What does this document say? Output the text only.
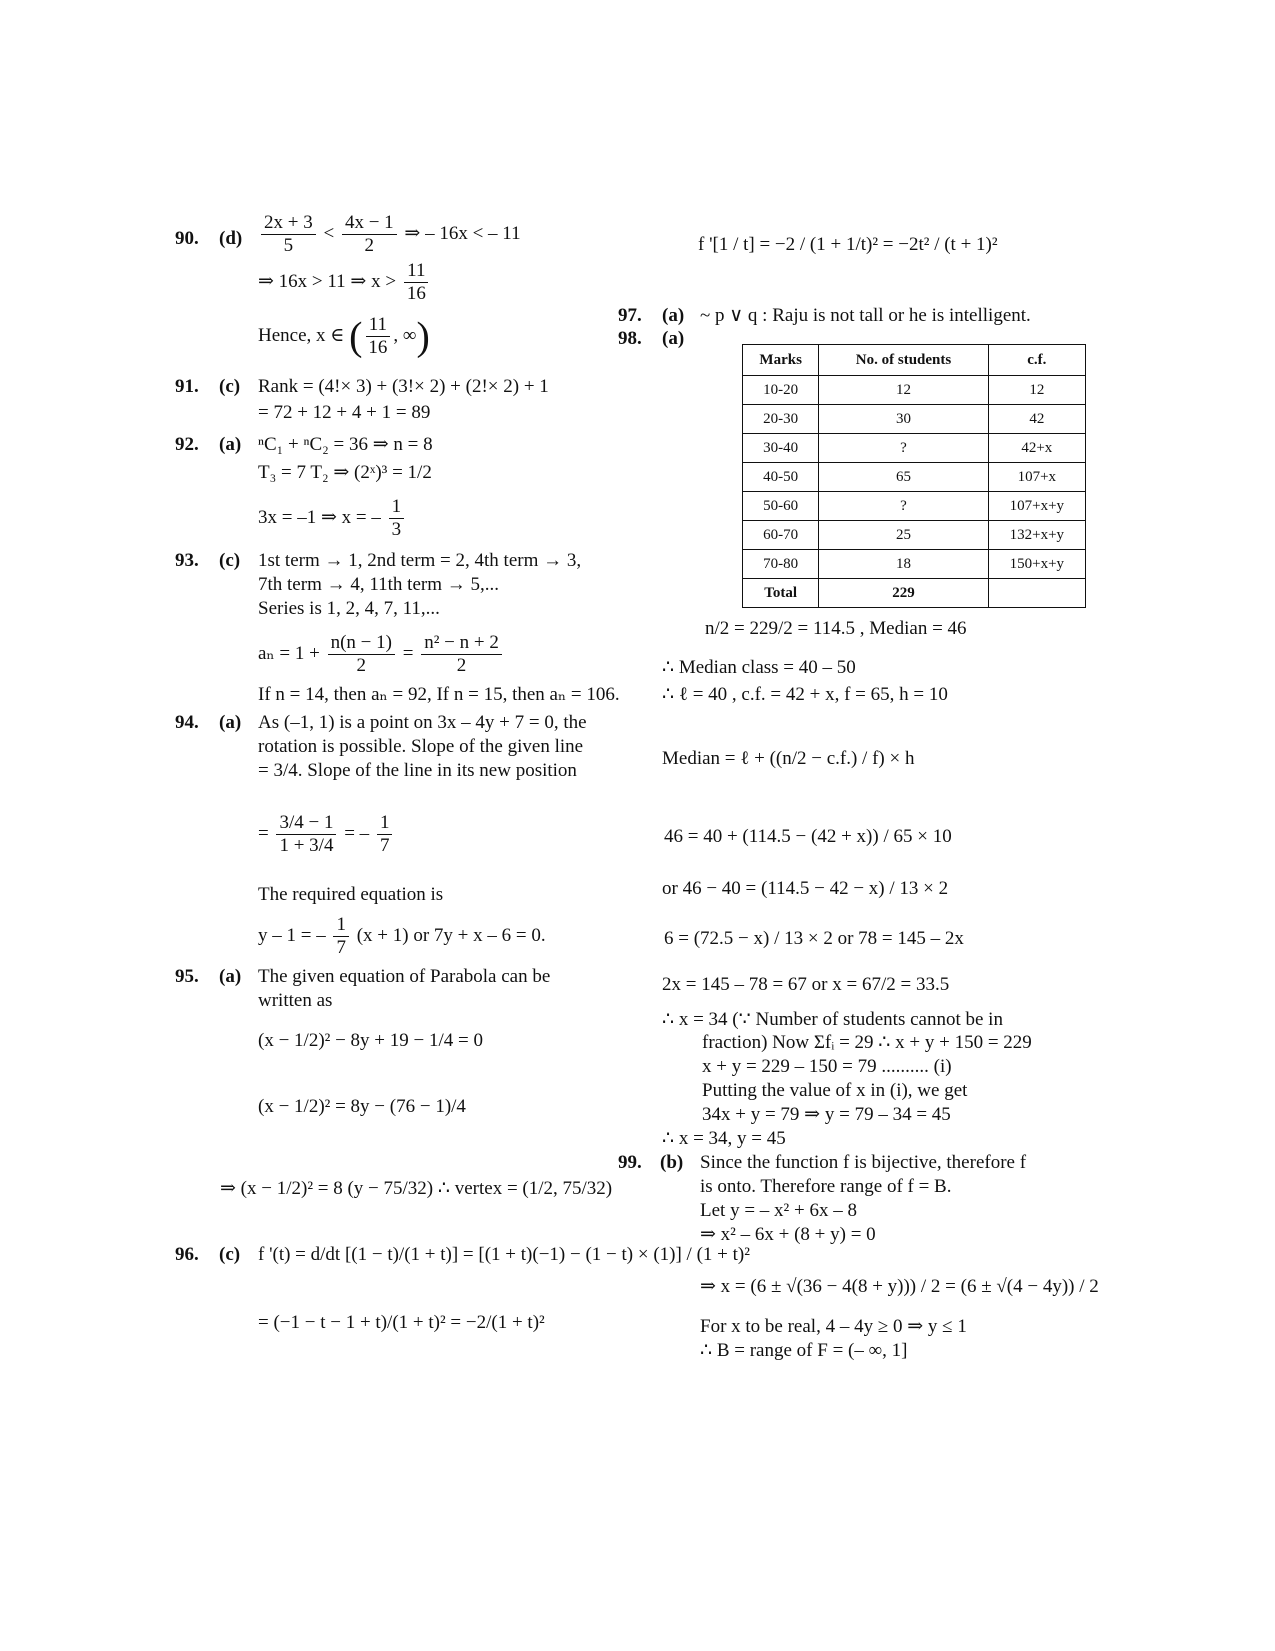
90. $(d) \frac{2x + 3}{5} < \frac{4x - 1}{2}$ ⇒ – 16x < – 11
⇒ 16x > 11 ⇒ $x > \frac{11}{16}$
Hence, x ∈ ( $\frac{11}{16}$ , ∞)
91. (c) Rank = (4!× 3) + (3!× 2) + (2!× 2) + 1
= 72 + 12 + 4 + 1 = 89
92. (a) ⁿC₁ + ⁿC₂ = 36 ⇒ n = 8
T₃ = 7 T₂ ⇒ (2ˣ)³ = 1/2
3x = –1 ⇒ x = – $\frac{1}{3}$
93. (c) 1st term → 1, 2nd term = 2, 4th term → 3,
7th term → 4, 11th term → 5,...
Series is 1, 2, 4, 7, 11,...
$a_n = 1 + \frac{n(n - 1)}{2} = \frac{\text{n² − n + 2}}{2}$
If n = 14, then aₙ = 92, If n = 15, then aₙ = 106.
94. (a) As (–1, 1) is a point on 3x – 4y + 7 = 0, the
rotation is possible. Slope of the given line
= 3/4. Slope of the line in its new position
= $\frac{3/4 - 1}{1 + 3/4}$ = – $\frac{1}{7}$
The required equation is
y – 1 = – $\frac{1}{7} (x + 1)$ or 7y + x – 6 = 0.
95. (a) The given equation of Parabola can be
written as
(x − 1/2)² − 8y + 19 − 1/4 = 0
(x − 1/2)² = 8y − (76 − 1)/4
⇒ (x − 1/2)² = 8 (y − 75/32) ∴ vertex = (1/2, 75/32)
96. (c) f '(t) = d/dt [(1 − t)/(1 + t)] = [(1 + t)(−1) − (1 − t) × (1)] / (1 + t)²
= (−1 − t − 1 + t)/(1 + t)² = −2/(1 + t)²
f '[1 / t] = −2 / (1 + 1/t)² = −2t² / (t + 1)²
97. (a) ~ p ∨ q : Raju is not tall or he is intelligent.
98. (a)
Marks	No. of students	c.f.
10-20	12	12
20-30	30	42
30-40	?	42+x
40-50	65	107+x
50-60	?	107+x+y
60-70	25	132+x+y
70-80	18	150+x+y
Total	229	
n/2 = 229/2 = 114.5 , Median = 46
∴ Median class = 40 – 50
∴ ℓ = 40 , c.f. = 42 + x, f = 65, h = 10
Median = ℓ + ((n/2 − c.f.) / f) × h
46 = 40 + (114.5 − (42 + x)) / 65 × 10
or 46 − 40 = (114.5 − 42 − x) / 13 × 2
6 = (72.5 − x) / 13 × 2 or 78 = 145 – 2x
2x = 145 – 78 = 67 or x = 67/2 = 33.5
∴ x = 34 (∵ Number of students cannot be in
fraction) Now Σfᵢ = 29 ∴ x + y + 150 = 229
x + y = 229 – 150 = 79 .......... (i)
Putting the value of x in (i), we get
34x + y = 79 ⇒ y = 79 – 34 = 45
∴ x = 34, y = 45
99. (b) Since the function f is bijective, therefore f
is onto. Therefore range of f = B.
Let y = – x² + 6x – 8
⇒ x² – 6x + (8 + y) = 0
⇒ x = (6 ± √(36 − 4(8 + y))) / 2 = (6 ± √(4 − 4y)) / 2
For x to be real, 4 – 4y ≥ 0 ⇒ y ≤ 1
∴ B = range of F = (– ∞, 1]
